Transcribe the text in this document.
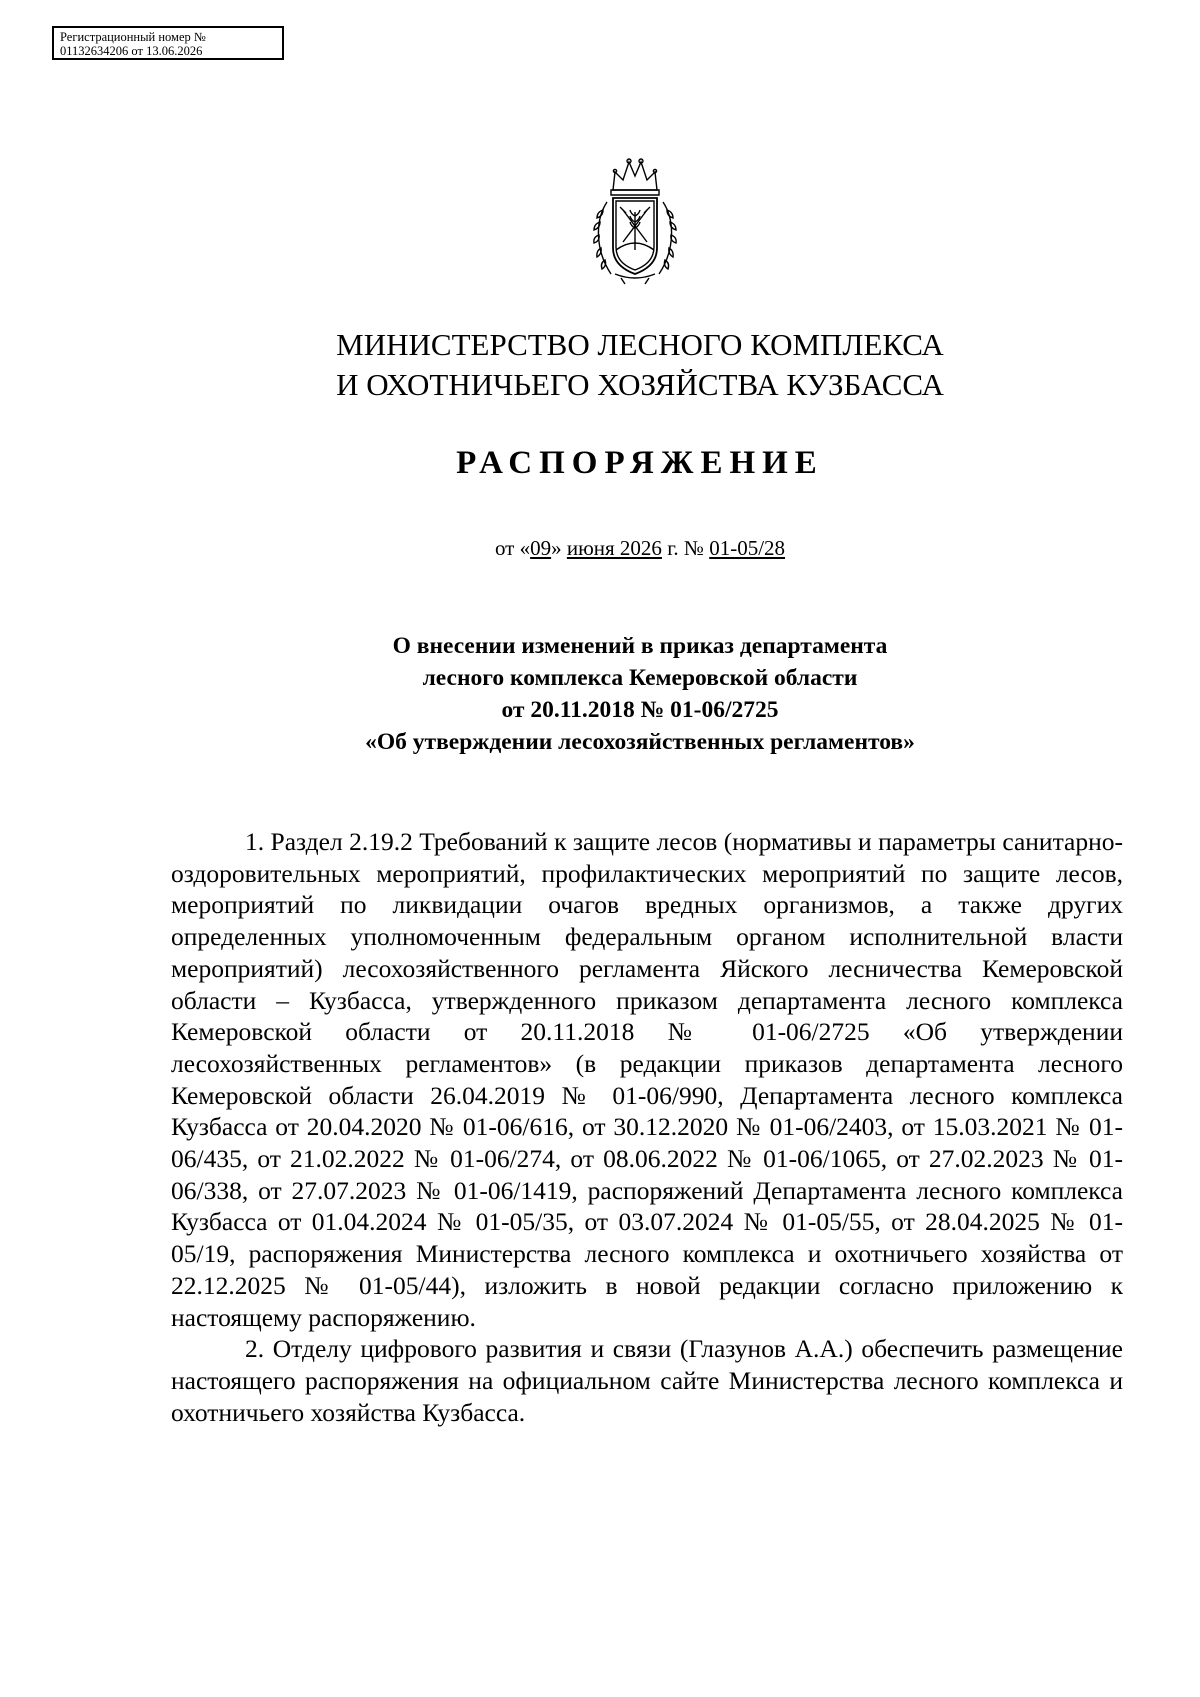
Регистрационный номер №
01132634206 от 13.06.2026
МИНИСТЕРСТВО ЛЕСНОГО КОМПЛЕКСА
И ОХОТНИЧЬЕГО ХОЗЯЙСТВА КУЗБАССА
РАСПОРЯЖЕНИЕ
от «09» июня 2026 г. № 01-05/28
О внесении изменений в приказ департамента
лесного комплекса Кемеровской области
от 20.11.2018 № 01-06/2725
«Об утверждении лесохозяйственных регламентов»

1. Раздел 2.19.2 Требований к защите лесов (нормативы и параметры санитарно-оздоровительных мероприятий, профилактических мероприятий по защите лесов, мероприятий по ликвидации очагов вредных организмов, а также других определенных уполномоченным федеральным органом исполнительной власти мероприятий) лесохозяйственного регламента Яйского лесничества Кемеровской области – Кузбасса, утвержденного приказом департамента лесного комплекса Кемеровской области от 20.11.2018 № 01-06/2725 «Об утверждении лесохозяйственных регламентов» (в редакции приказов департамента лесного Кемеровской области 26.04.2019 № 01-06/990, Департамента лесного комплекса Кузбасса от 20.04.2020 № 01-06/616, от 30.12.2020 № 01-06/2403, от 15.03.2021 № 01-06/435, от 21.02.2022 № 01-06/274, от 08.06.2022 № 01-06/1065, от 27.02.2023 № 01-06/338, от 27.07.2023 № 01-06/1419, распоряжений Департамента лесного комплекса Кузбасса от 01.04.2024 № 01-05/35, от 03.07.2024 № 01-05/55, от 28.04.2025 № 01-05/19, распоряжения Министерства лесного комплекса и охотничьего хозяйства от 22.12.2025 № 01-05/44), изложить в новой редакции согласно приложению к настоящему распоряжению.

2. Отделу цифрового развития и связи (Глазунов А.А.) обеспечить размещение настоящего распоряжения на официальном сайте Министерства лесного комплекса и охотничьего хозяйства Кузбасса.
